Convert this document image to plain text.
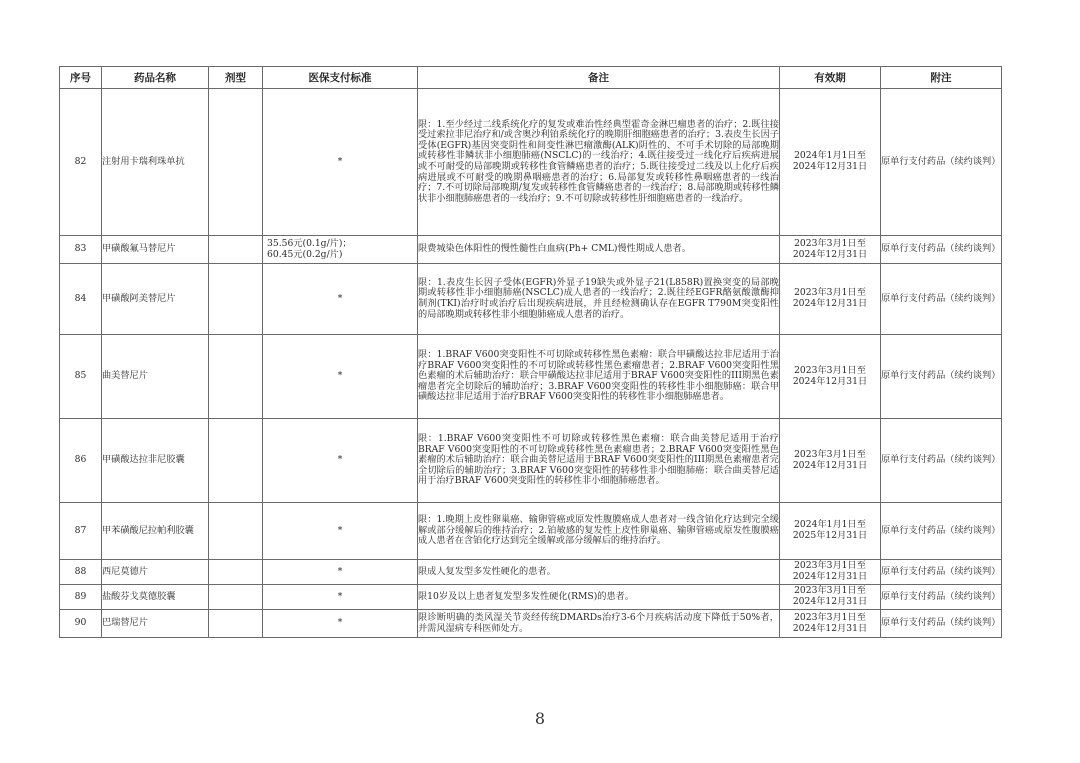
序号	药品名称	剂型	医保支付标准	备注	有效期	附注
82	注射用卡瑞利珠单抗		*	限：1.至少经过二线系统化疗的复发或难治性经典型霍奇金淋巴瘤患者的治疗；2.既往接受过索拉非尼治疗和/或含奥沙利铂系统化疗的晚期肝细胞癌患者的治疗；3.表皮生长因子受体(EGFR)基因突变阴性和间变性淋巴瘤激酶(ALK)阴性的、不可手术切除的局部晚期或转移性非鳞状非小细胞肺癌(NSCLC)的一线治疗；4.既往接受过一线化疗后疾病进展或不可耐受的局部晚期或转移性食管鳞癌患者的治疗；5.既往接受过二线及以上化疗后疾病进展或不可耐受的晚期鼻咽癌患者的治疗；6.局部复发或转移性鼻咽癌患者的一线治疗；7.不可切除局部晚期/复发或转移性食管鳞癌患者的一线治疗；8.局部晚期或转移性鳞状非小细胞肺癌患者的一线治疗；9.不可切除或转移性肝细胞癌患者的一线治疗。	2024年1月1日至
2024年12月31日	原单行支付药品（续约谈判）
83	甲磺酸氟马替尼片		35.56元(0.1g/片)；
60.45元(0.2g/片)	限费城染色体阳性的慢性髓性白血病(Ph+ CML)慢性期成人患者。	2023年3月1日至
2024年12月31日	原单行支付药品（续约谈判）
84	甲磺酸阿美替尼片		*	限：1.表皮生长因子受体(EGFR)外显子19缺失或外显子21(L858R)置换突变的局部晚期或转移性非小细胞肺癌(NSCLC)成人患者的一线治疗；2.既往经EGFR酪氨酸激酶抑制剂(TKI)治疗时或治疗后出现疾病进展，并且经检测确认存在EGFR T790M突变阳性的局部晚期或转移性非小细胞肺癌成人患者的治疗。	2023年3月1日至
2024年12月31日	原单行支付药品（续约谈判）
85	曲美替尼片		*	限：1.BRAF V600突变阳性不可切除或转移性黑色素瘤：联合甲磺酸达拉非尼适用于治疗BRAF V600突变阳性的不可切除或转移性黑色素瘤患者；2.BRAF V600突变阳性黑色素瘤的术后辅助治疗：联合甲磺酸达拉非尼适用于BRAF V600突变阳性的III期黑色素瘤患者完全切除后的辅助治疗；3.BRAF V600突变阳性的转移性非小细胞肺癌：联合甲磺酸达拉非尼适用于治疗BRAF V600突变阳性的转移性非小细胞肺癌患者。	2023年3月1日至
2024年12月31日	原单行支付药品（续约谈判）
86	甲磺酸达拉非尼胶囊		*	限：1.BRAF V600突变阳性不可切除或转移性黑色素瘤：联合曲美替尼适用于治疗BRAF V600突变阳性的不可切除或转移性黑色素瘤患者；2.BRAF V600突变阳性黑色素瘤的术后辅助治疗：联合曲美替尼适用于BRAF V600突变阳性的III期黑色素瘤患者完全切除后的辅助治疗；3.BRAF V600突变阳性的转移性非小细胞肺癌：联合曲美替尼适用于治疗BRAF V600突变阳性的转移性非小细胞肺癌患者。	2023年3月1日至
2024年12月31日	原单行支付药品（续约谈判）
87	甲苯磺酸尼拉帕利胶囊		*	限：1.晚期上皮性卵巢癌、输卵管癌或原发性腹膜癌成人患者对一线含铂化疗达到完全缓解或部分缓解后的维持治疗；2.铂敏感的复发性上皮性卵巢癌、输卵管癌或原发性腹膜癌成人患者在含铂化疗达到完全缓解或部分缓解后的维持治疗。	2024年1月1日至
2025年12月31日	原单行支付药品（续约谈判）
88	西尼莫德片		*	限成人复发型多发性硬化的患者。	2023年3月1日至
2024年12月31日	原单行支付药品（续约谈判）
89	盐酸芬戈莫德胶囊		*	限10岁及以上患者复发型多发性硬化(RMS)的患者。	2023年3月1日至
2024年12月31日	原单行支付药品（续约谈判）
90	巴瑞替尼片		*	限诊断明确的类风湿关节炎经传统DMARDs治疗3-6个月疾病活动度下降低于50%者，并需风湿病专科医师处方。	2023年3月1日至
2024年12月31日	原单行支付药品（续约谈判）
8
